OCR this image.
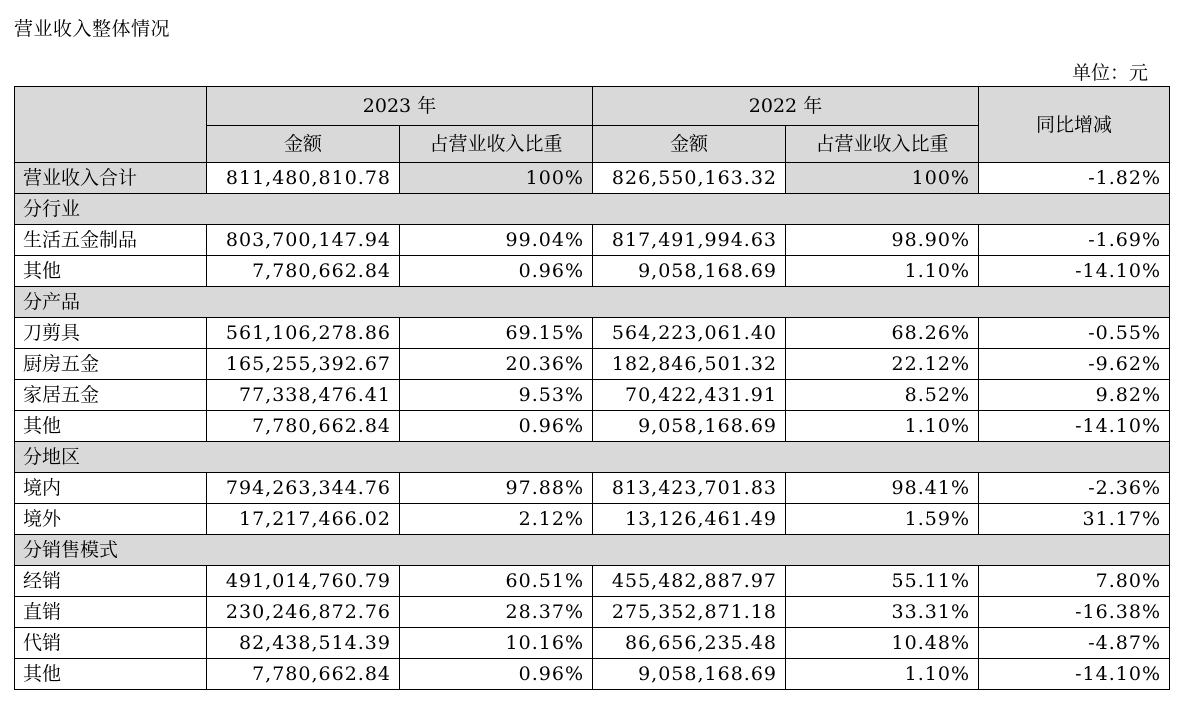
营业收入整体情况
单位：元
	2023 年		2022 年		同比增减
	金额	占营业收入比重	金额	占营业收入比重	
营业收入合计	811,480,810.78	100%	826,550,163.32	100%	-1.82%
分行业					
生活五金制品	803,700,147.94	99.04%	817,491,994.63	98.90%	-1.69%
其他	7,780,662.84	0.96%	9,058,168.69	1.10%	-14.10%
分产品					
刀剪具	561,106,278.86	69.15%	564,223,061.40	68.26%	-0.55%
厨房五金	165,255,392.67	20.36%	182,846,501.32	22.12%	-9.62%
家居五金	77,338,476.41	9.53%	70,422,431.91	8.52%	9.82%
其他	7,780,662.84	0.96%	9,058,168.69	1.10%	-14.10%
分地区					
境内	794,263,344.76	97.88%	813,423,701.83	98.41%	-2.36%
境外	17,217,466.02	2.12%	13,126,461.49	1.59%	31.17%
分销售模式					
经销	491,014,760.79	60.51%	455,482,887.97	55.11%	7.80%
直销	230,246,872.76	28.37%	275,352,871.18	33.31%	-16.38%
代销	82,438,514.39	10.16%	86,656,235.48	10.48%	-4.87%
其他	7,780,662.84	0.96%	9,058,168.69	1.10%	-14.10%
